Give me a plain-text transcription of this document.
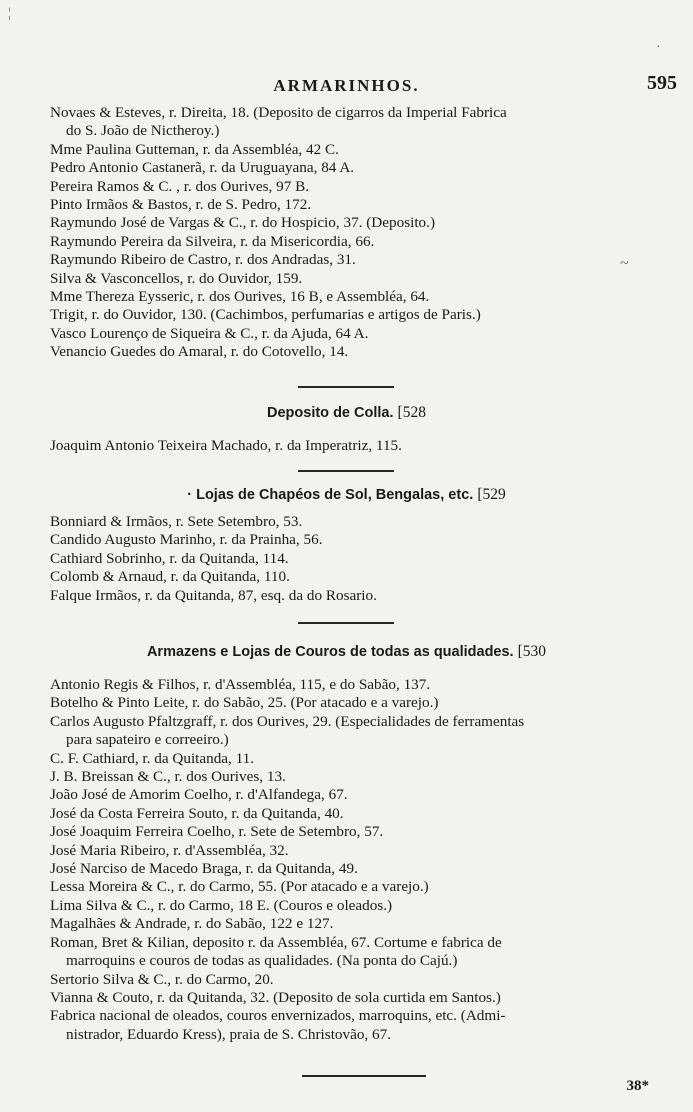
ARMARINHOS.	595

Novaes & Esteves, r. Direita, 18. (Deposito de cigarros da Imperial Fabrica

do S. João de Nictheroy.)

Mme Paulina Gutteman, r. da Assembléa, 42 C.

Pedro Antonio Castanerã, r. da Uruguayana, 84 A.

Pereira Ramos & C. , r. dos Ourives, 97 B.

Pinto Irmãos & Bastos, r. de S. Pedro, 172.

Raymundo José de Vargas & C., r. do Hospicio, 37. (Deposito.)

Raymundo Pereira da Silveira, r. da Misericordia, 66.

Raymundo Ribeiro de Castro, r. dos Andradas, 31.

Silva & Vasconcellos, r. do Ouvidor, 159.

Mme Thereza Eysseric, r. dos Ourives, 16 B, e Assembléa, 64.

Trigit, r. do Ouvidor, 130. (Cachimbos, perfumarias e artigos de Paris.)

Vasco Lourenço de Siqueira & C., r. da Ajuda, 64 A.

Venancio Guedes do Amaral, r. do Cotovello, 14.

Deposito de Colla. [528

Joaquim Antonio Teixeira Machado, r. da Imperatriz, 115.

· Lojas de Chapéos de Sol, Bengalas, etc. [529

Bonniard & Irmãos, r. Sete Setembro, 53.

Candido Augusto Marinho, r. da Prainha, 56.

Cathiard Sobrinho, r. da Quitanda, 114.

Colomb & Arnaud, r. da Quitanda, 110.

Falque Irmãos, r. da Quitanda, 87, esq. da do Rosario.

Armazens e Lojas de Couros de todas as qualidades. [530

Antonio Regis & Filhos, r. d'Assembléa, 115, e do Sabão, 137.

Botelho & Pinto Leite, r. do Sabão, 25. (Por atacado e a varejo.)

Carlos Augusto Pfaltzgraff, r. dos Ourives, 29. (Especialidades de ferramentas

para sapateiro e correeiro.)

C. F. Cathiard, r. da Quitanda, 11.

J. B. Breissan & C., r. dos Ourives, 13.

João José de Amorim Coelho, r. d'Alfandega, 67.

José da Costa Ferreira Souto, r. da Quitanda, 40.

José Joaquim Ferreira Coelho, r. Sete de Setembro, 57.

José Maria Ribeiro, r. d'Assembléa, 32.

José Narciso de Macedo Braga, r. da Quitanda, 49.

Lessa Moreira & C., r. do Carmo, 55. (Por atacado e a varejo.)

Lima Silva & C., r. do Carmo, 18 E. (Couros e oleados.)

Magalhães & Andrade, r. do Sabão, 122 e 127.

Roman, Bret & Kilian, deposito r. da Assembléa, 67. Cortume e fabrica de

marroquins e couros de todas as qualidades. (Na ponta do Cajú.)

Sertorio Silva & C., r. do Carmo, 20.

Vianna & Couto, r. da Quitanda, 32. (Deposito de sola curtida em Santos.)

Fabrica nacional de oleados, couros envernizados, marroquins, etc. (Admi-

nistrador, Eduardo Kress), praia de S. Christovão, 67.

38*
¦
·
~
